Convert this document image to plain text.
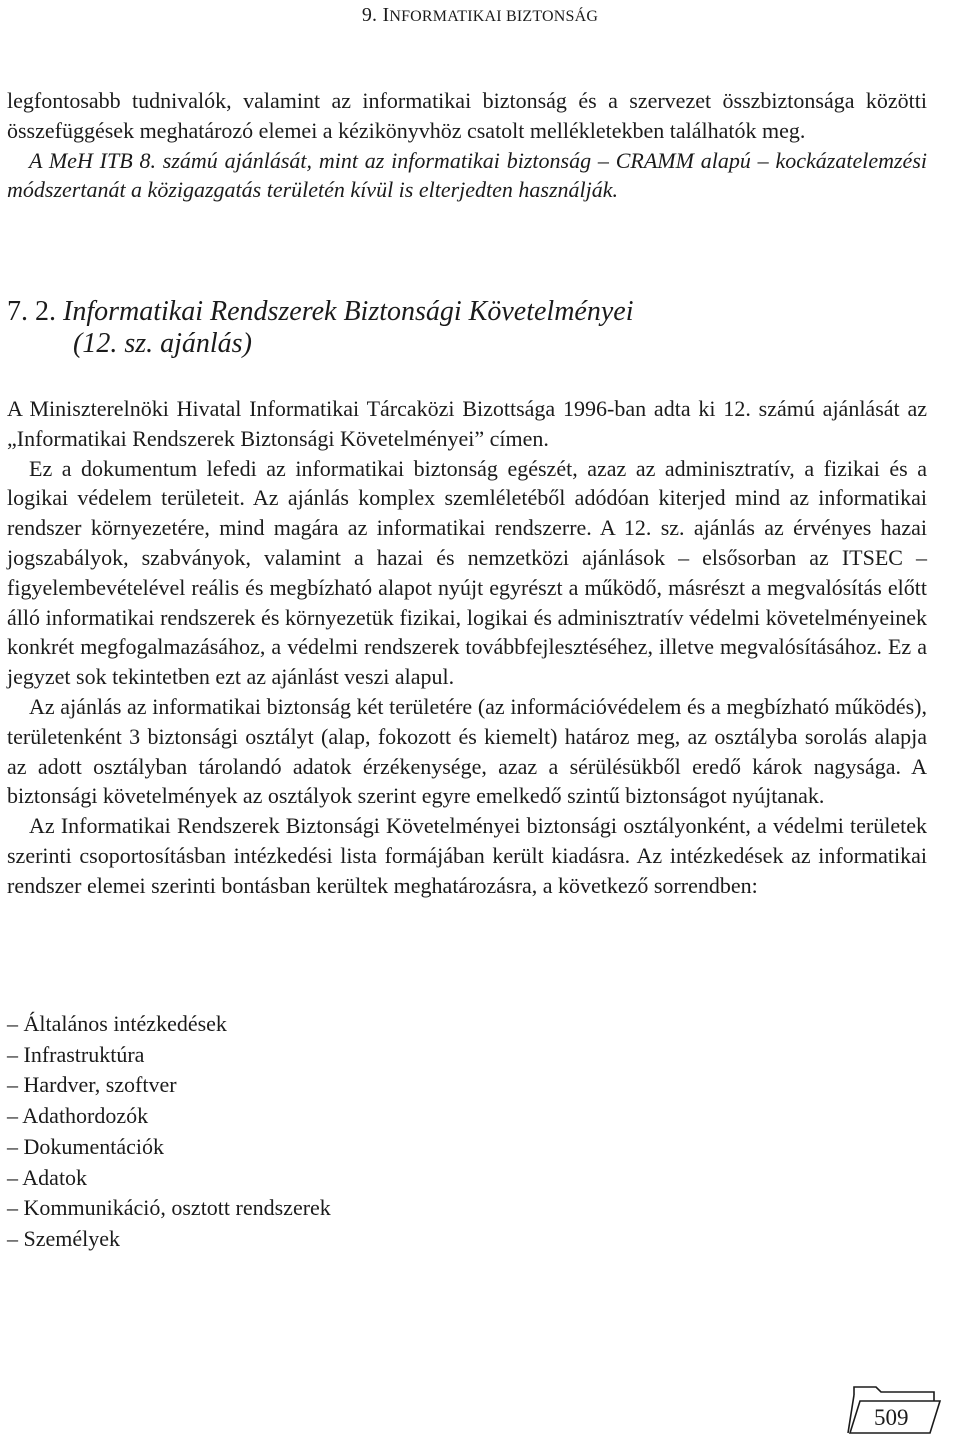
9. INFORMATIKAI BIZTONSÁG
legfontosabb tudnivalók, valamint az informatikai biztonság és a szervezet összbiztonsága közötti összefüggések meghatározó elemei a kézikönyvhöz csatolt mellékletekben találhatók meg.
A MeH ITB 8. számú ajánlását, mint az informatikai biztonság – CRAMM alapú – kockázatelemzési módszertanát a közigazgatás területén kívül is elterjedten használják.
7. 2. Informatikai Rendszerek Biztonsági Követelményei
(12. sz. ajánlás)

A Miniszterelnöki Hivatal Informatikai Tárcaközi Bizottsága 1996-ban adta ki 12. számú ajánlását az „Informatikai Rendszerek Biztonsági Követelményei” címen.

Ez a dokumentum lefedi az informatikai biztonság egészét, azaz az adminisztratív, a fizikai és a logikai védelem területeit. Az ajánlás komplex szemléletéből adódóan kiterjed mind az informatikai rendszer környezetére, mind magára az informatikai rendszerre. A 12. sz. ajánlás az érvényes hazai jogszabályok, szabványok, valamint a hazai és nemzetközi ajánlások – elsősorban az ITSEC – figyelembevételével reális és megbízható alapot nyújt egyrészt a működő, másrészt a megvalósítás előtt álló informatikai rendszerek és környezetük fizikai, logikai és adminisztratív védelmi követelményeinek konkrét megfogalmazásához, a védelmi rendszerek továbbfejlesztéséhez, illetve megvalósításához. Ez a jegyzet sok tekintetben ezt az ajánlást veszi alapul.

Az ajánlás az informatikai biztonság két területére (az információvédelem és a megbízható működés), területenként 3 biztonsági osztályt (alap, fokozott és kiemelt) határoz meg, az osztályba sorolás alapja az adott osztályban tárolandó adatok érzékenysége, azaz a sérülésükből eredő károk nagysága. A biztonsági követelmények az osztályok szerint egyre emelkedő szintű biztonságot nyújtanak.

Az Informatikai Rendszerek Biztonsági Követelményei biztonsági osztályonként, a védelmi területek szerinti csoportosításban intézkedési lista formájában került kiadásra. Az intézkedések az informatikai rendszer elemei szerinti bontásban kerültek meghatározásra, a következő sorrendben:

– Általános intézkedések
– Infrastruktúra
– Hardver, szoftver
– Adathordozók
– Dokumentációk
– Adatok
– Kommunikáció, osztott rendszerek
– Személyek
509
